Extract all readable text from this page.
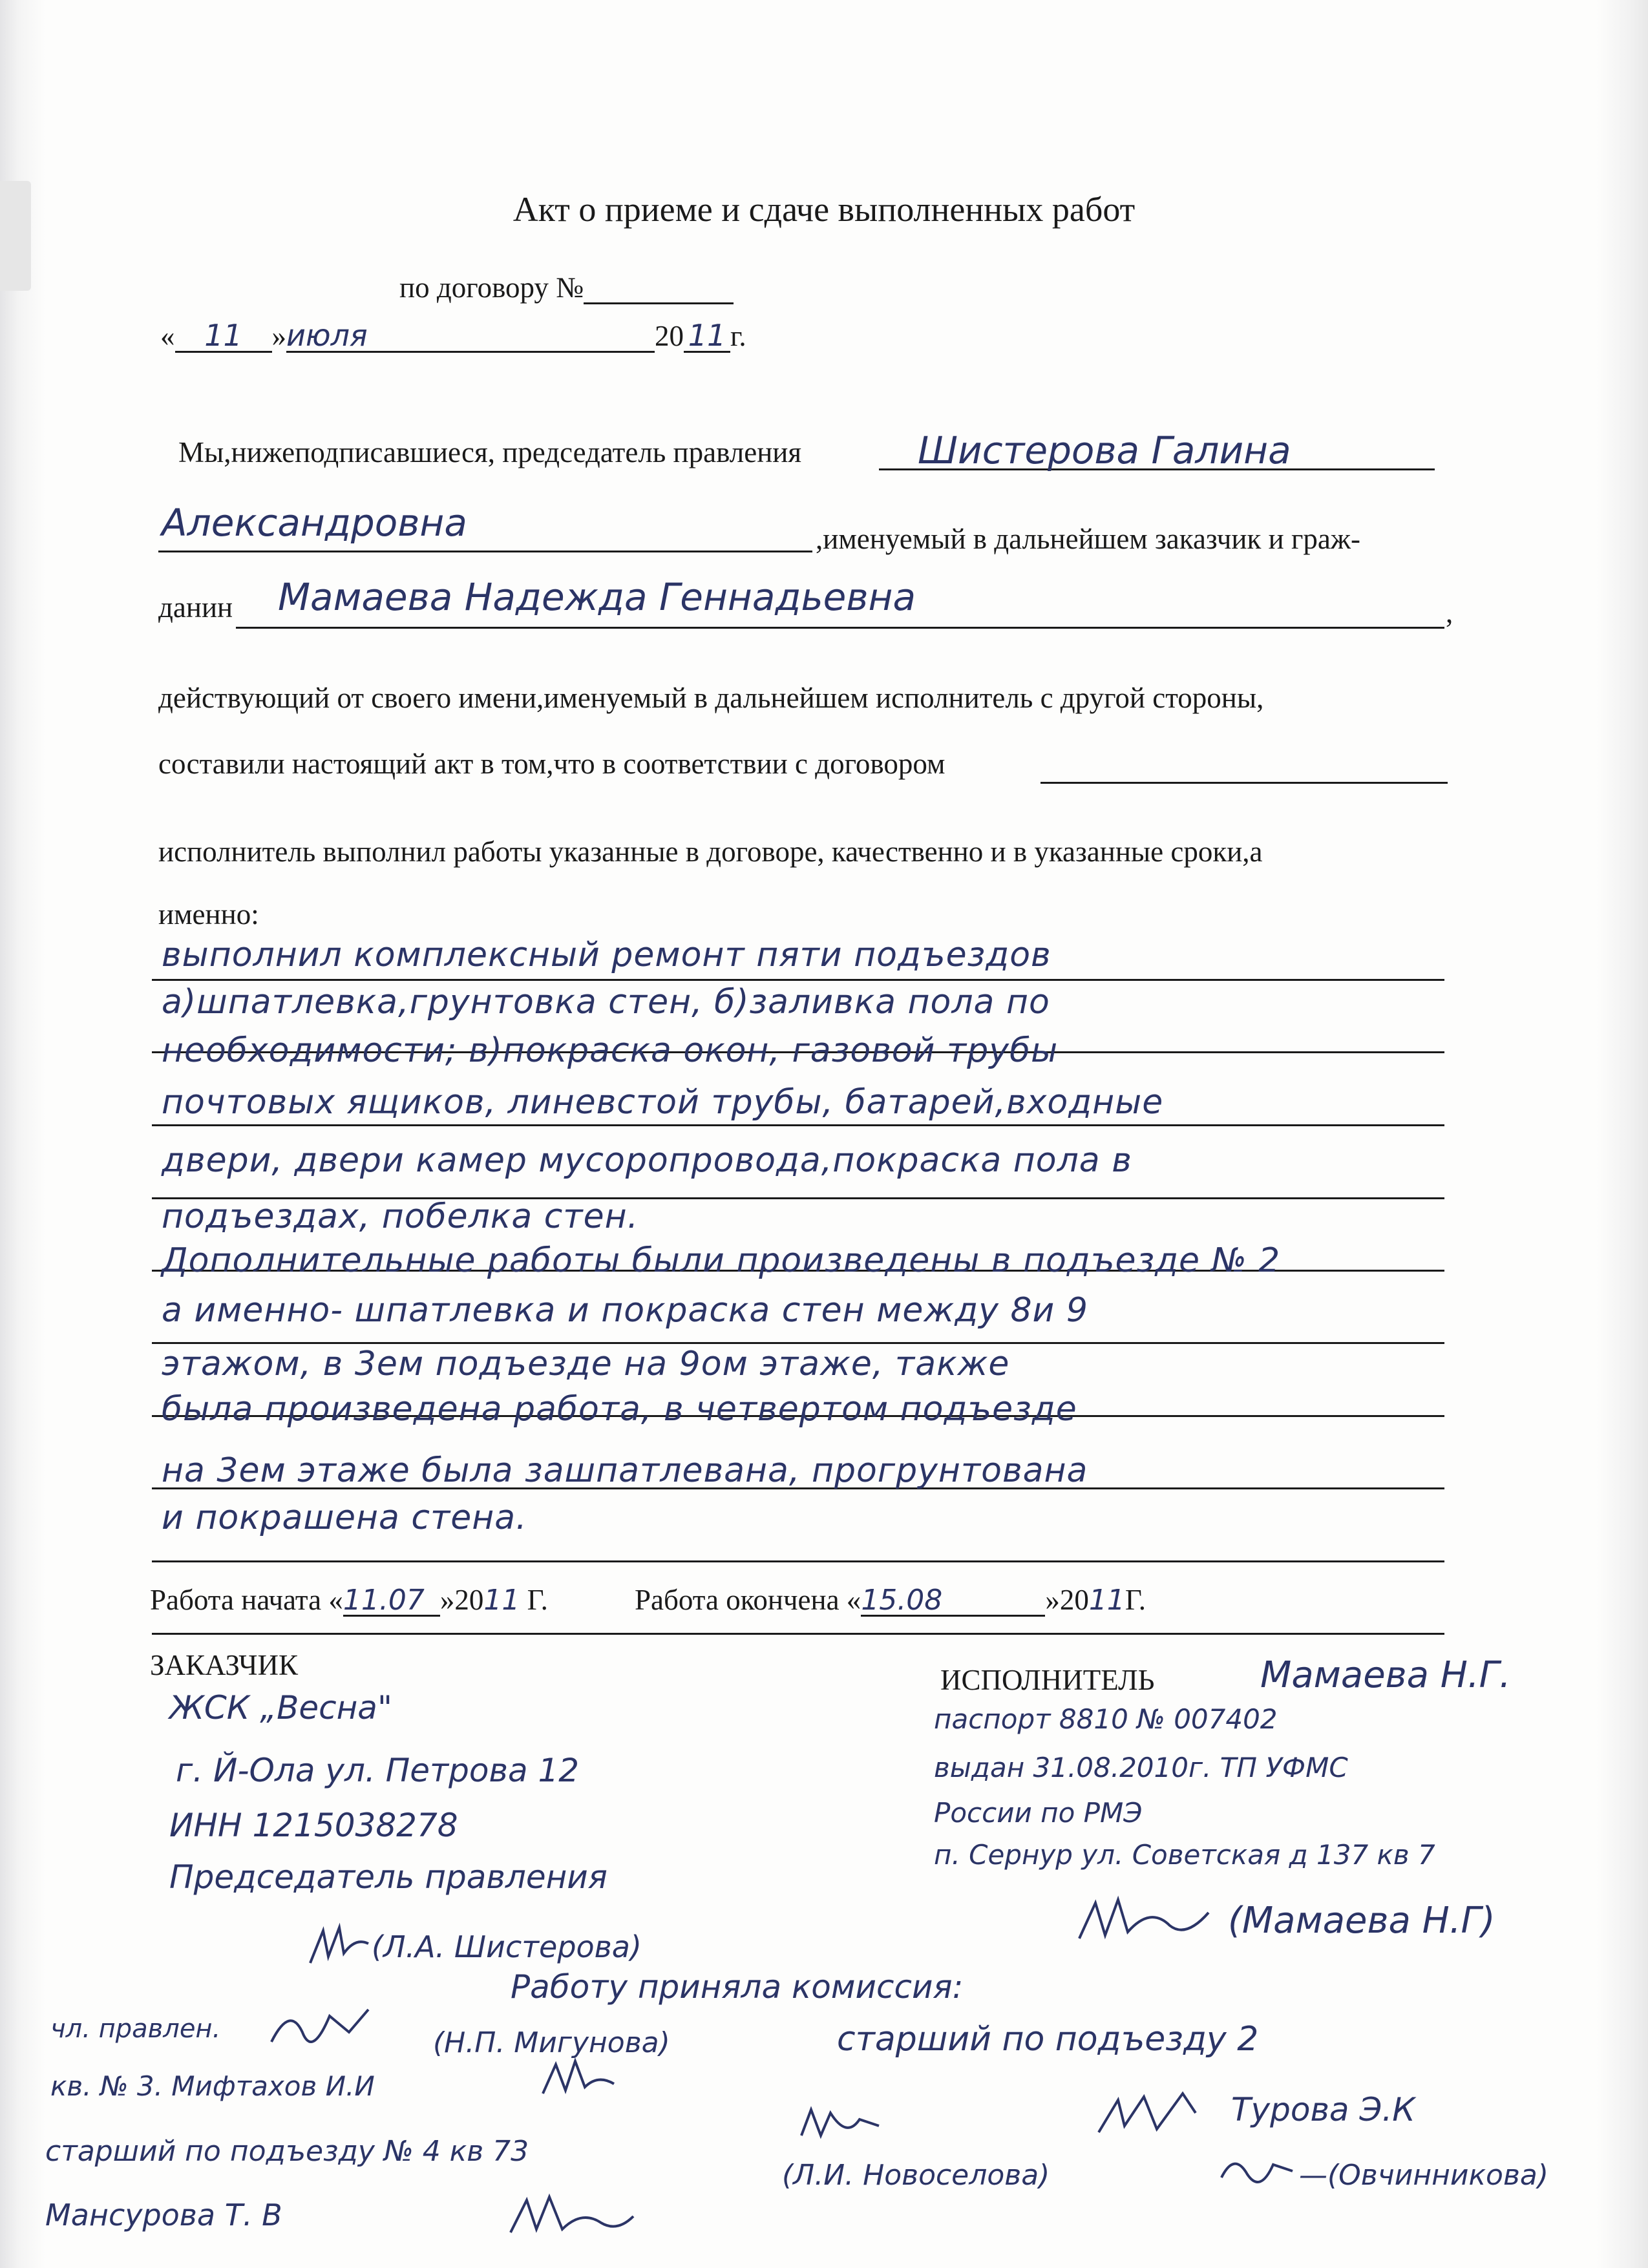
Акт о приеме и сдаче выполненных работ
по договору №
« 11 »июля	20 11 г.
Мы,нижеподписавшиеся, председатель правления	Шистерова Галина
Александровна	,именуемый в дальнейшем заказчик и граж-
данин Мамаева Надежда Геннадьевна	,
действующий от своего имени,именуемый в дальнейшем исполнитель с другой стороны,
составили настоящий акт в том,что в соответствии с договором
исполнитель выполнил работы указанные в договоре, качественно и в указанные сроки,а
именно:
выполнил комплексный ремонт пяти подъездов
а)шпатлевка,грунтовка стен, б)заливка пола по
необходимости; в)покраска окон, газовой трубы
почтовых ящиков, линевстой трубы, батарей,входные
двери, двери камер мусоропровода,покраска пола в
подъездах, побелка стен.
Дополнительные работы были произведены в подъезде № 2
а именно- шпатлевка и покраска стен между 8и 9
этажом, в 3ем подъезде на 9ом этаже, также
была произведена работа, в четвертом подъезде
на 3ем этаже была зашпатлевана, прогрунтована
и покрашена стена.
Работа начата «11.07 »2011 Г.	Работа окончена «15.08	»2011Г.
ЗАКАЗЧИК	ИСПОЛНИТЕЛЬ
ЖСК „Весна"
г. Й-Ола ул. Петрова 12
ИНН 1215038278
Председатель правления
(Л.А. Шистерова)
Мамаева Н.Г.
паспорт 8810 № 007402
выдан 31.08.2010г. ТП УФМС
России по РМЭ
п. Сернур ул. Советская д 137 кв 7
(Мамаева Н.Г)
Работу приняла комиссия:
чл. правлен.	(Н.П. Мигунова)	старший по подъезду 2
кв. № 3. Мифтахов И.И
Турова Э.К
старший по подъезду № 4 кв 73
(Л.И. Новоселова)	—(Овчинникова)
Мансурова Т. В
